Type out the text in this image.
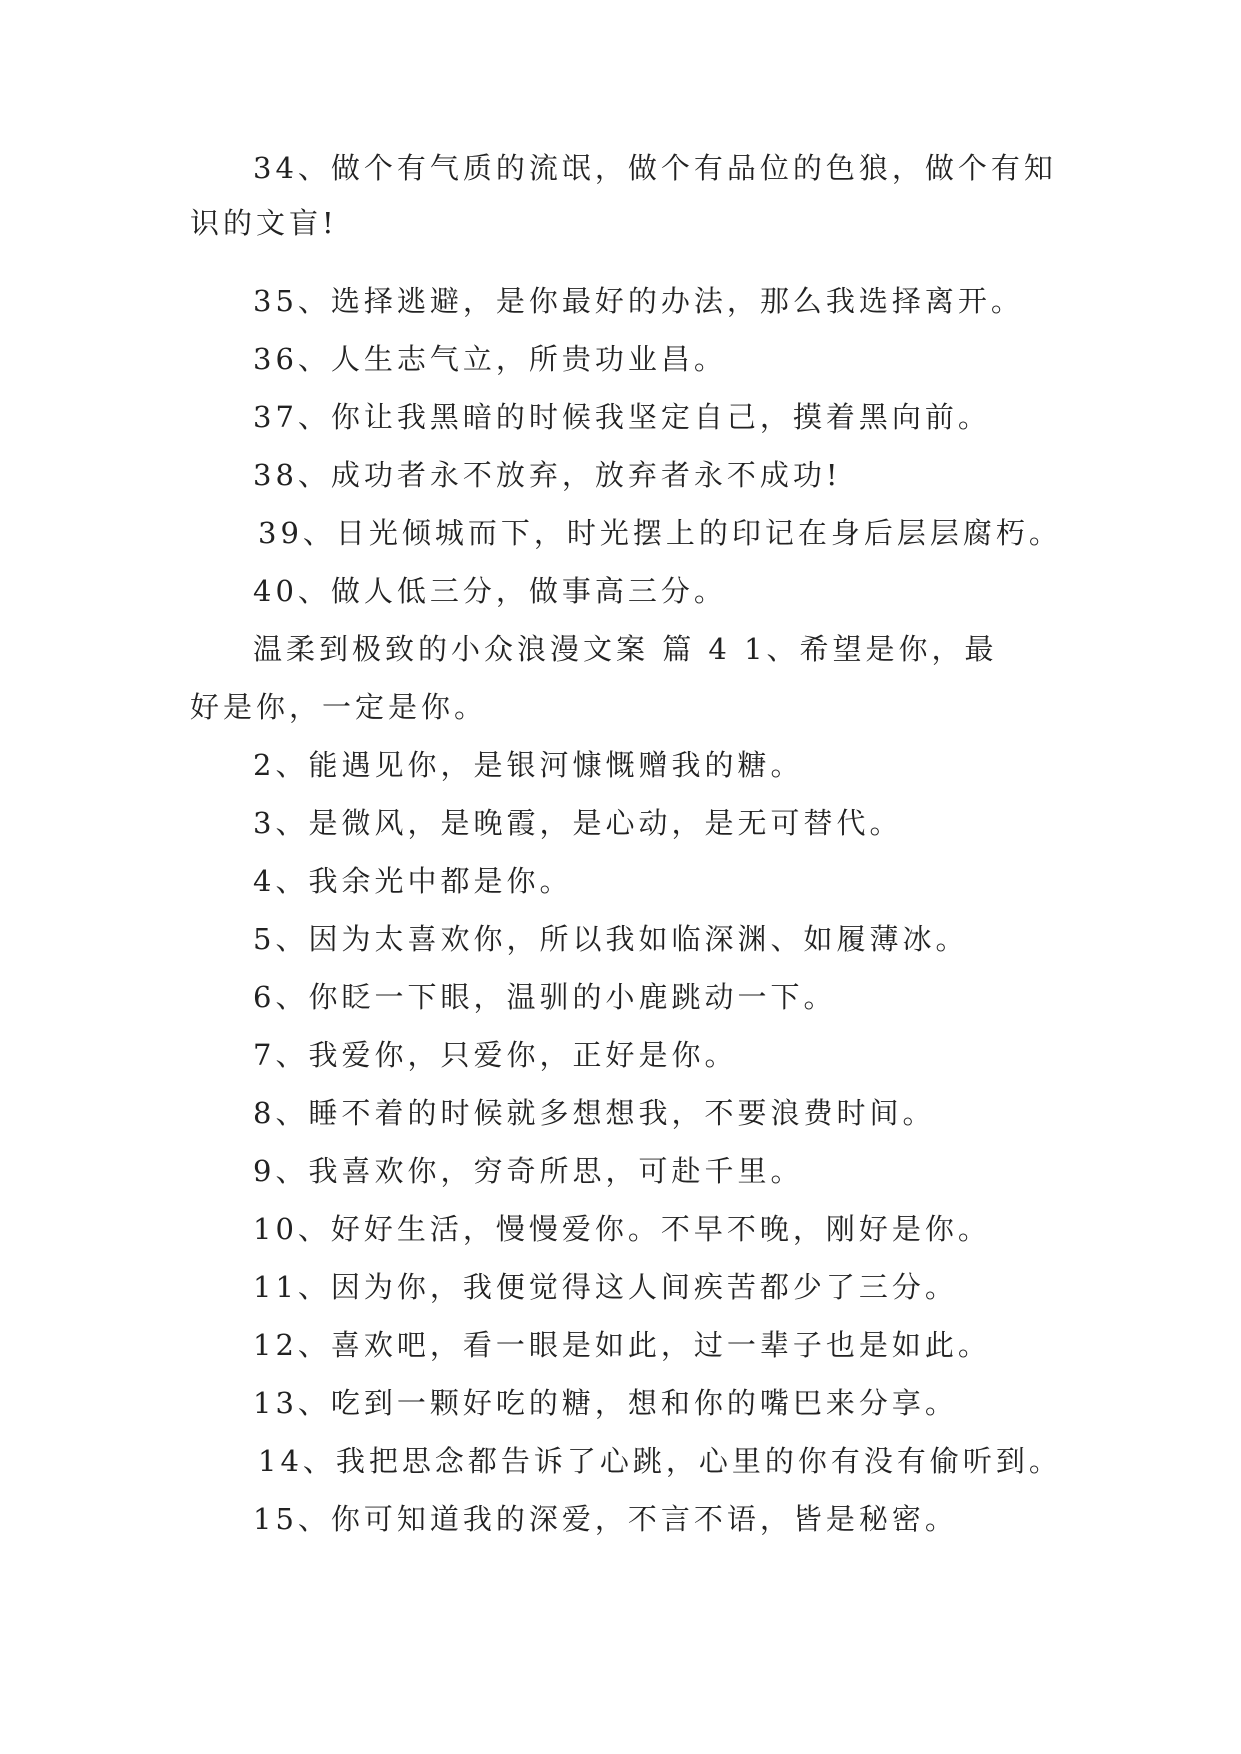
34、做个有气质的流氓，做个有品位的色狼，做个有知
识的文盲!
35、选择逃避，是你最好的办法，那么我选择离开。
36、人生志气立，所贵功业昌。
37、你让我黑暗的时候我坚定自己，摸着黑向前。
38、成功者永不放弃，放弃者永不成功!
39、日光倾城而下，时光摆上的印记在身后层层腐朽。
40、做人低三分，做事高三分。
温柔到极致的小众浪漫文案 篇 4 1、希望是你，最
好是你，一定是你。
2、能遇见你，是银河慷慨赠我的糖。
3、是微风，是晚霞，是心动，是无可替代。
4、我余光中都是你。
5、因为太喜欢你，所以我如临深渊、如履薄冰。
6、你眨一下眼，温驯的小鹿跳动一下。
7、我爱你，只爱你，正好是你。
8、睡不着的时候就多想想我，不要浪费时间。
9、我喜欢你，穷奇所思，可赴千里。
10、好好生活，慢慢爱你。不早不晚，刚好是你。
11、因为你，我便觉得这人间疾苦都少了三分。
12、喜欢吧，看一眼是如此，过一辈子也是如此。
13、吃到一颗好吃的糖，想和你的嘴巴来分享。
14、我把思念都告诉了心跳，心里的你有没有偷听到。
15、你可知道我的深爱，不言不语，皆是秘密。
